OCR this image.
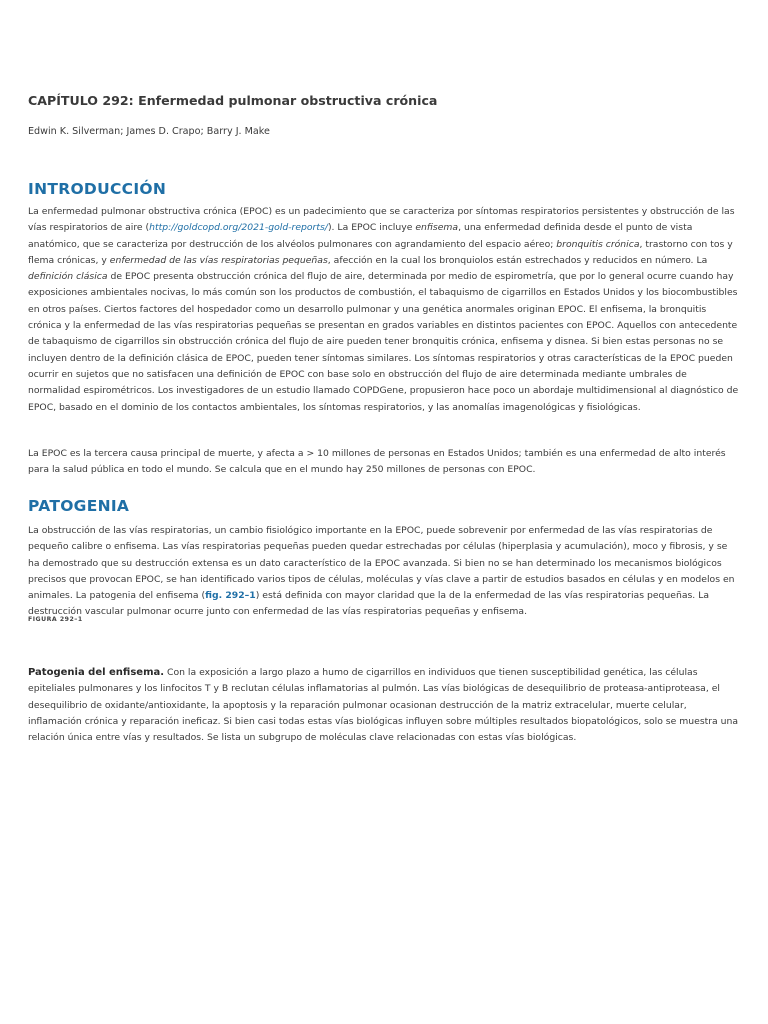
CAPÍTULO 292: Enfermedad pulmonar obstructiva crónica
Edwin K. Silverman; James D. Crapo; Barry J. Make
INTRODUCCIÓN

La enfermedad pulmonar obstructiva crónica (EPOC) es un padecimiento que se caracteriza por síntomas respiratorios persistentes y obstrucción de las vías respiratorios de aire (http://goldcopd.org/2021-gold-reports/). La EPOC incluye enfisema, una enfermedad definida desde el punto de vista anatómico, que se caracteriza por destrucción de los alvéolos pulmonares con agrandamiento del espacio aéreo; bronquitis crónica, trastorno con tos y flema crónicas, y enfermedad de las vías respiratorias pequeñas, afección en la cual los bronquiolos están estrechados y reducidos en número. La definición clásica de EPOC presenta obstrucción crónica del flujo de aire, determinada por medio de espirometría, que por lo general ocurre cuando hay exposiciones ambientales nocivas, lo más común son los productos de combustión, el tabaquismo de cigarrillos en Estados Unidos y los biocombustibles en otros países. Ciertos factores del hospedador como un desarrollo pulmonar y una genética anormales originan EPOC. El enfisema, la bronquitis crónica y la enfermedad de las vías respiratorias pequeñas se presentan en grados variables en distintos pacientes con EPOC. Aquellos con antecedente de tabaquismo de cigarrillos sin obstrucción crónica del flujo de aire pueden tener bronquitis crónica, enfisema y disnea. Si bien estas personas no se incluyen dentro de la definición clásica de EPOC, pueden tener síntomas similares. Los síntomas respiratorios y otras características de la EPOC pueden ocurrir en sujetos que no satisfacen una definición de EPOC con base solo en obstrucción del flujo de aire determinada mediante umbrales de normalidad espirométricos. Los investigadores de un estudio llamado COPDGene, propusieron hace poco un abordaje multidimensional al diagnóstico de EPOC, basado en el dominio de los contactos ambientales, los síntomas respiratorios, y las anomalías imagenológicas y fisiológicas.

La EPOC es la tercera causa principal de muerte, y afecta a > 10 millones de personas en Estados Unidos; también es una enfermedad de alto interés para la salud pública en todo el mundo. Se calcula que en el mundo hay 250 millones de personas con EPOC.

PATOGENIA

La obstrucción de las vías respiratorias, un cambio fisiológico importante en la EPOC, puede sobrevenir por enfermedad de las vías respiratorias de pequeño calibre o enfisema. Las vías respiratorias pequeñas pueden quedar estrechadas por células (hiperplasia y acumulación), moco y fibrosis, y se ha demostrado que su destrucción extensa es un dato característico de la EPOC avanzada. Si bien no se han determinado los mecanismos biológicos precisos que provocan EPOC, se han identificado varios tipos de células, moléculas y vías clave a partir de estudios basados en células y en modelos en animales. La patogenia del enfisema (fig. 292–1) está definida con mayor claridad que la de la enfermedad de las vías respiratorias pequeñas. La destrucción vascular pulmonar ocurre junto con enfermedad de las vías respiratorias pequeñas y enfisema.

FIGURA 292–1

Patogenia del enfisema. Con la exposición a largo plazo a humo de cigarrillos en individuos que tienen susceptibilidad genética, las células epiteliales pulmonares y los linfocitos T y B reclutan células inflamatorias al pulmón. Las vías biológicas de desequilibrio de proteasa-antiproteasa, el desequilibrio de oxidante/antioxidante, la apoptosis y la reparación pulmonar ocasionan destrucción de la matriz extracelular, muerte celular, inflamación crónica y reparación ineficaz. Si bien casi todas estas vías biológicas influyen sobre múltiples resultados biopatológicos, solo se muestra una relación única entre vías y resultados. Se lista un subgrupo de moléculas clave relacionadas con estas vías biológicas.
